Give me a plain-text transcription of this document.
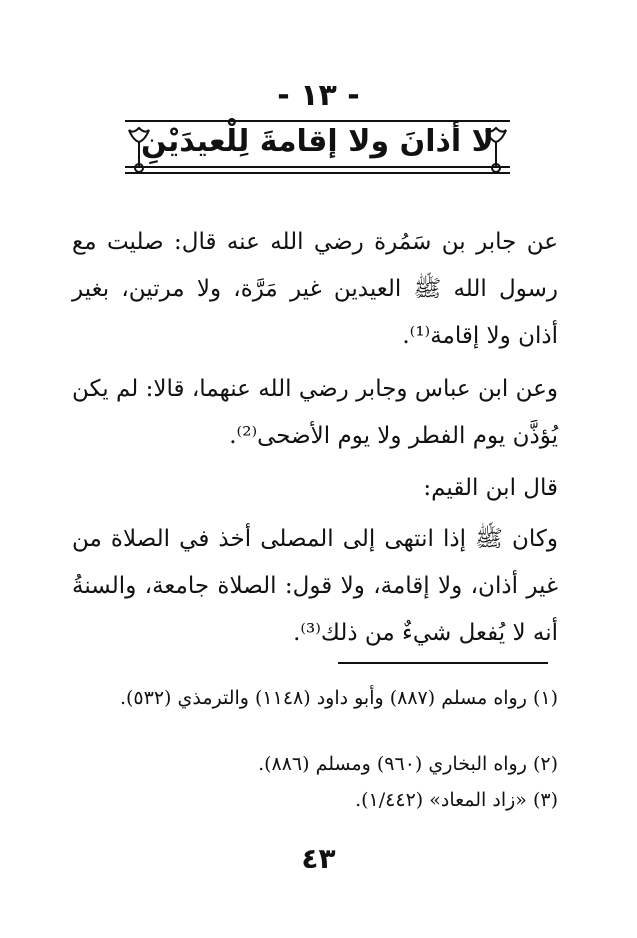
- ١٣ -
لا أذانَ ولا إقامةَ لِلْعيدَيْنِ

عن جابر بن سَمُرة رضي الله عنه قال: صليت مع رسول الله ﷺ العيدين غير مَرَّة، ولا مرتين، بغير أذان ولا إقامة⁽¹⁾.

وعن ابن عباس وجابر رضي الله عنهما، قالا: لم يكن يُؤذَّن يوم الفطر ولا يوم الأضحى⁽²⁾.

قال ابن القيم:

وكان ﷺ إذا انتهى إلى المصلى أخذ في الصلاة من غير أذان، ولا إقامة، ولا قول: الصلاة جامعة، والسنةُ أنه لا يُفعل شيءٌ من ذلك⁽³⁾.

(١) رواه مسلم (٨٨٧) وأبو داود (١١٤٨) والترمذي (٥٣٢).
(٢) رواه البخاري (٩٦٠) ومسلم (٨٨٦).
(٣) «زاد المعاد» (١/٤٤٢).
٤٣
